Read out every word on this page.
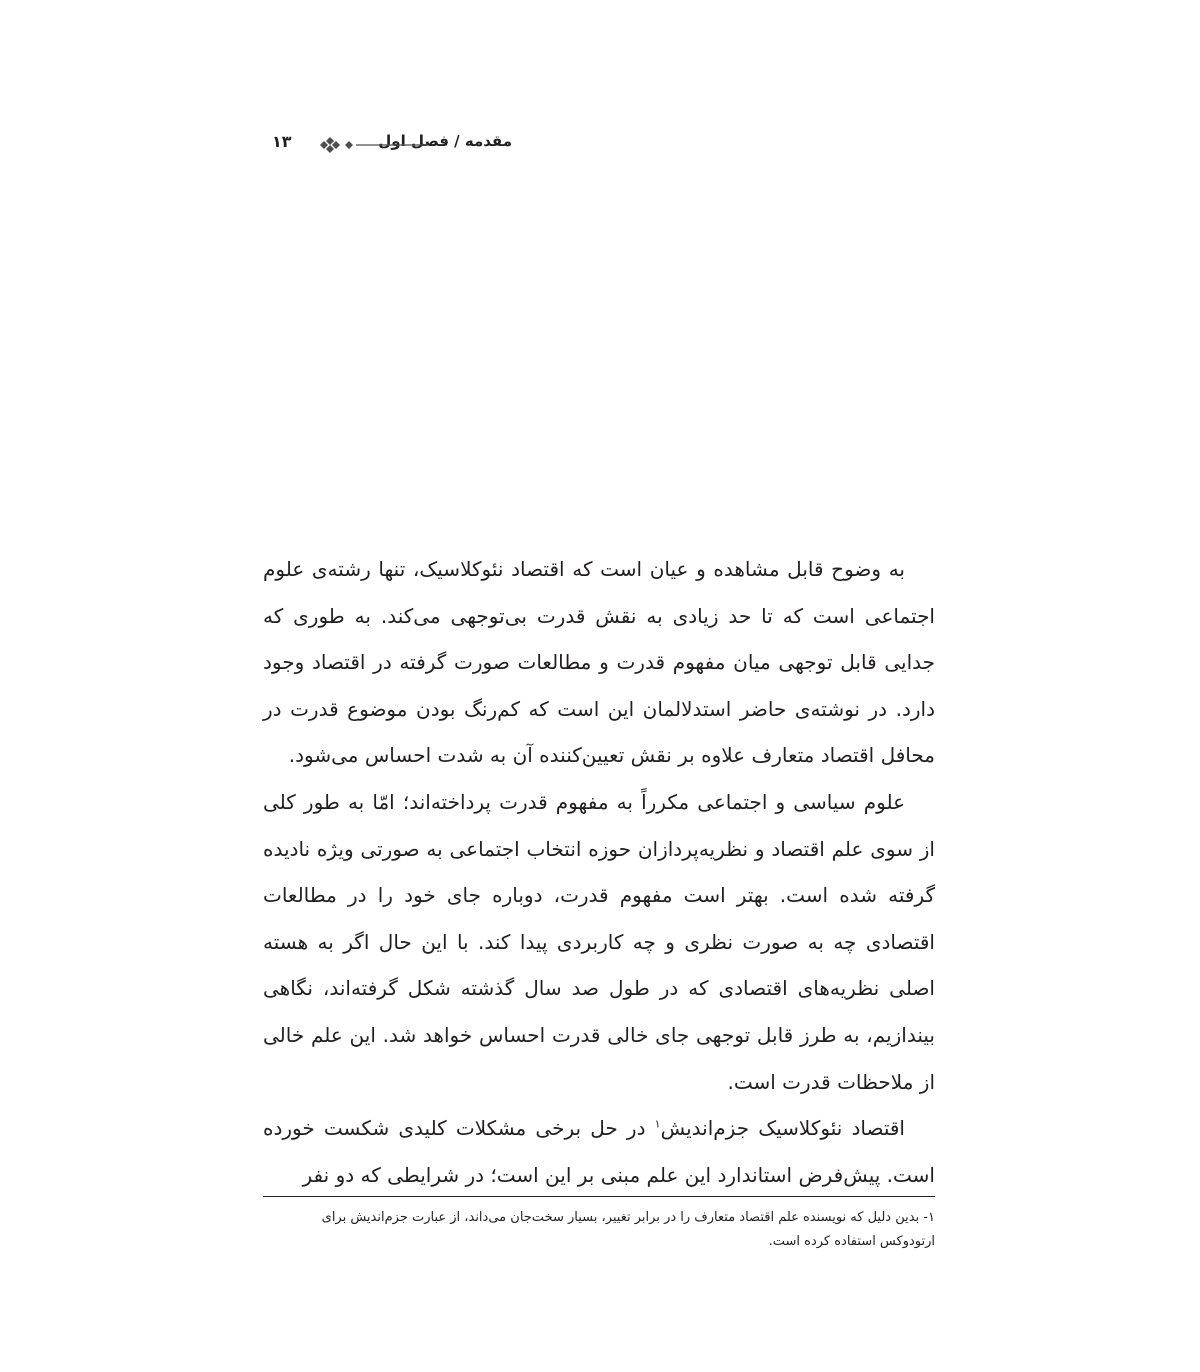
مقدمه / فصل اول
۱۳

به وضوح قابل مشاهده و عیان است که اقتصاد نئوکلاسیک، تنها رشته‌ی علوم اجتماعی است که تا حد زیادی به نقش قدرت بی‌توجهی می‌کند. به طوری که جدایی قابل توجهی میان مفهوم قدرت و مطالعات صورت گرفته در اقتصاد وجود دارد. در نوشته‌ی حاضر استدلالمان این است که کم‌رنگ بودن موضوع قدرت در محافل اقتصاد متعارف علاوه بر نقش تعیین‌کننده آن به شدت احساس می‌شود.

علوم سیاسی و اجتماعی مکرراً به مفهوم قدرت پرداخته‌اند؛ امّا به طور کلی از سوی علم اقتصاد و نظریه‌پردازان حوزه انتخاب اجتماعی به صورتی ویژه نادیده گرفته شده است. بهتر است مفهوم قدرت، دوباره جای خود را در مطالعات اقتصادی چه به صورت نظری و چه کاربردی پیدا کند. با این حال اگر به هسته اصلی نظریه‌های اقتصادی که در طول صد سال گذشته شکل گرفته‌اند، نگاهی بیندازیم، به طرز قابل توجهی جای خالی قدرت احساس خواهد شد. این علم خالی از ملاحظات قدرت است.

اقتصاد نئوکلاسیک جزم‌اندیش$^۱$ در حل برخی مشکلات کلیدی شکست خورده است. پیش‌فرض استاندارد این علم مبنی بر این است؛ در شرایطی که دو نفر

۱- بدین دلیل که نویسنده علم اقتصاد متعارف را در برابر تغییر، بسیار سخت‌جان می‌داند، از عبارت جزم‌اندیش برای ارتودوکس استفاده کرده است.
